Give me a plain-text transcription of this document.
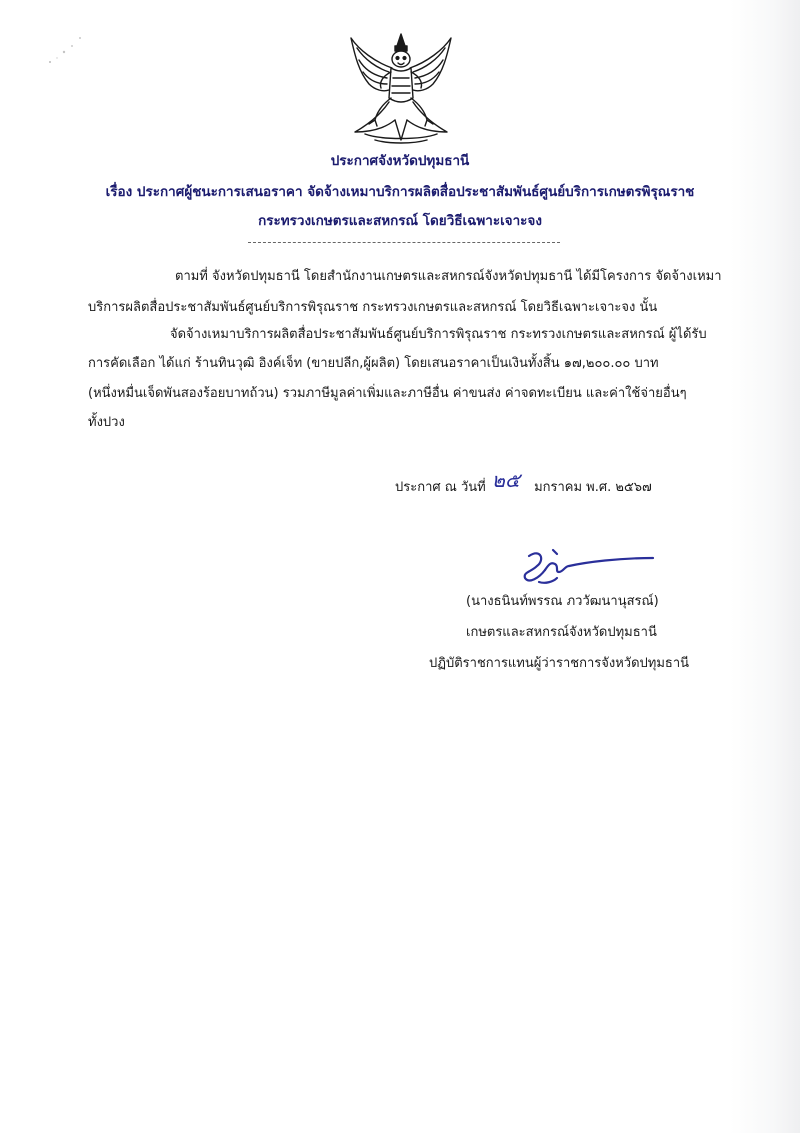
ประกาศจังหวัดปทุมธานี
เรื่อง ประกาศผู้ชนะการเสนอราคา จัดจ้างเหมาบริการผลิตสื่อประชาสัมพันธ์ศูนย์บริการเกษตรพิรุณราช
กระทรวงเกษตรและสหกรณ์ โดยวิธีเฉพาะเจาะจง
ตามที่ จังหวัดปทุมธานี โดยสำนักงานเกษตรและสหกรณ์จังหวัดปทุมธานี ได้มีโครงการ จัดจ้างเหมา
บริการผลิตสื่อประชาสัมพันธ์ศูนย์บริการพิรุณราช กระทรวงเกษตรและสหกรณ์ โดยวิธีเฉพาะเจาะจง นั้น
จัดจ้างเหมาบริการผลิตสื่อประชาสัมพันธ์ศูนย์บริการพิรุณราช กระทรวงเกษตรและสหกรณ์ ผู้ได้รับ
การคัดเลือก ได้แก่ ร้านทินวุฒิ อิงค์เจ็ท (ขายปลีก,ผู้ผลิต) โดยเสนอราคาเป็นเงินทั้งสิ้น ๑๗,๒๐๐.๐๐ บาท
(หนึ่งหมื่นเจ็ดพันสองร้อยบาทถ้วน) รวมภาษีมูลค่าเพิ่มและภาษีอื่น ค่าขนส่ง ค่าจดทะเบียน และค่าใช้จ่ายอื่นๆ
ทั้งปวง
ประกาศ ณ วันที่ ๒๕ มกราคม พ.ศ. ๒๕๖๗
(นางธนินท์พรรณ ภววัฒนานุสรณ์)
เกษตรและสหกรณ์จังหวัดปทุมธานี
ปฏิบัติราชการแทนผู้ว่าราชการจังหวัดปทุมธานี
